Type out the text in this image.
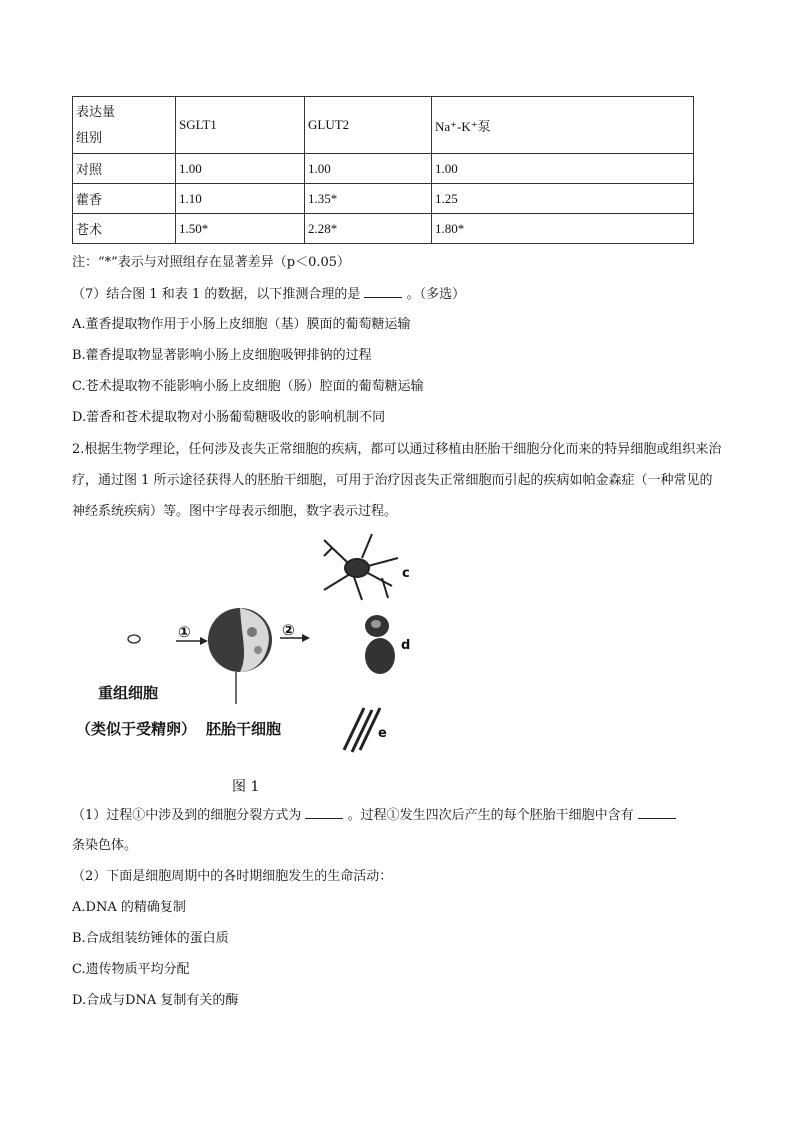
表达量
组别	SGLT1	GLUT2	Na⁺-K⁺泵
对照	1.00	1.00	1.00
藿香	1.10	1.35*	1.25
苍术	1.50*	2.28*	1.80*
注：“*”表示与对照组存在显著差异（p＜0.05）
（7）结合图 1 和表 1 的数据，以下推测合理的是	。（多选）
A.董香提取物作用于小肠上皮细胞（基）膜面的葡萄糖运输
B.藿香提取物显著影响小肠上皮细胞吸钾排钠的过程
C.苍术提取物不能影响小肠上皮细胞（肠）腔面的葡萄糖运输
D.蕾香和苍术提取物对小肠葡萄糖吸收的影响机制不同
2.根据生物学理论，任何涉及丧失正常细胞的疾病，都可以通过移植由胚胎干细胞分化而来的特异细胞或组织来治疗，通过图 1 所示途径获得人的胚胎干细胞，可用于治疗因丧失正常细胞而引起的疾病如帕金森症（一种常见的神经系统疾病）等。图中字母表示细胞，数字表示过程。
①	②
c
d
e
重组细胞
（类似于受精卵） 胚胎干细胞
图 1
（1）过程①中涉及到的细胞分裂方式为	。过程①发生四次后产生的每个胚胎干细胞中含有
条染色体。
（2）下面是细胞周期中的各时期细胞发生的生命活动：
A.DNA 的精确复制
B.合成组装纺锤体的蛋白质
C.遗传物质平均分配
D.合成与DNA 复制有关的酶
